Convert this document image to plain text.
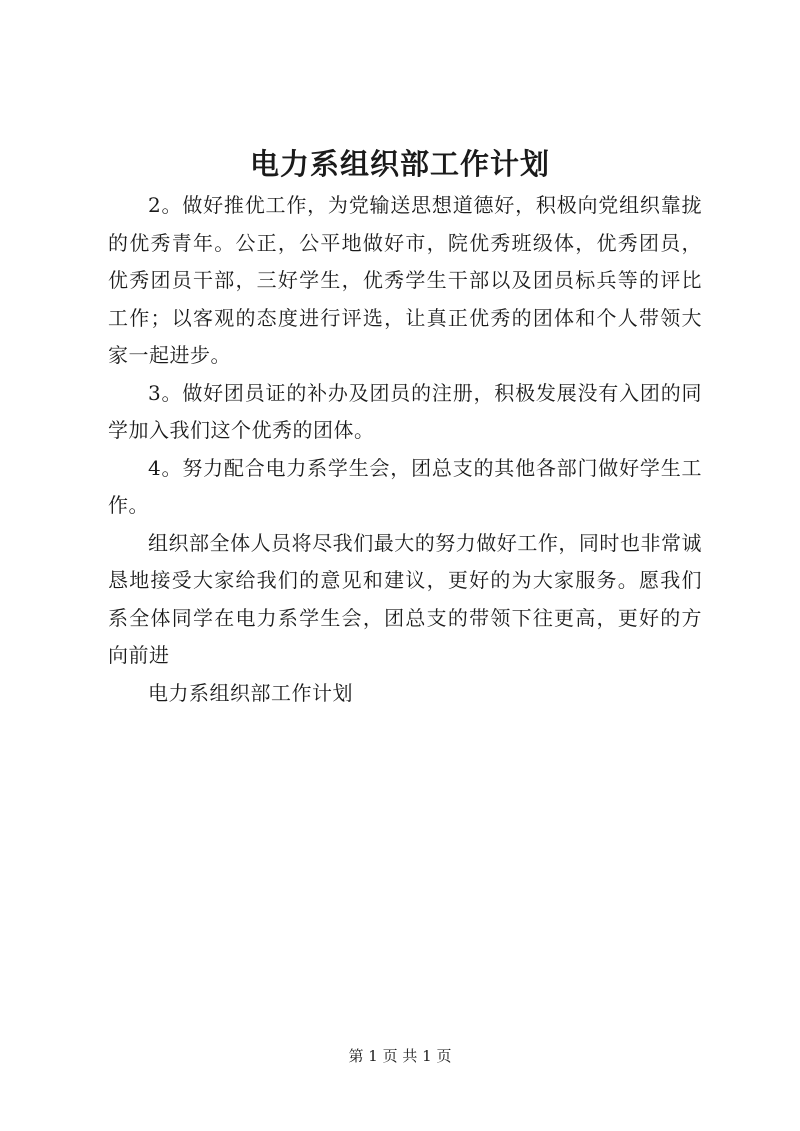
电力系组织部工作计划

2。做好推优工作，为党输送思想道德好，积极向党组织靠拢的优秀青年。公正，公平地做好市，院优秀班级体，优秀团员，优秀团员干部，三好学生，优秀学生干部以及团员标兵等的评比工作；以客观的态度进行评选，让真正优秀的团体和个人带领大家一起进步。

3。做好团员证的补办及团员的注册，积极发展没有入团的同学加入我们这个优秀的团体。

4。努力配合电力系学生会，团总支的其他各部门做好学生工作。

组织部全体人员将尽我们最大的努力做好工作，同时也非常诚恳地接受大家给我们的意见和建议，更好的为大家服务。愿我们系全体同学在电力系学生会，团总支的带领下往更高，更好的方向前进

电力系组织部工作计划

第 1 页 共 1 页
